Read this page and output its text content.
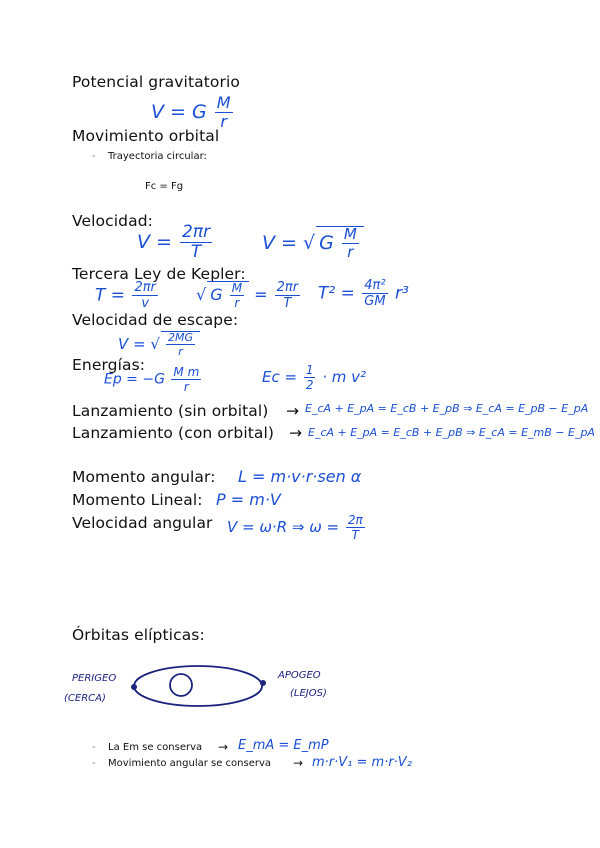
Potencial gravitatorio
Movimiento orbital
- Trayectoria circular:
Fc = Fg
Velocidad:
Tercera Ley de Kepler:
Velocidad de escape:
Energías:
Lanzamiento (sin orbital) →
Lanzamiento (con orbital) →
Momento angular:
Momento Lineal:
Velocidad angular
Órbitas elípticas:
- La Em se conserva →
- Movimiento angular se conserva →
V = G $\frac{M}{r}$
$V = \frac{2\pi r}{T}$	V = √ G $\frac{M}{r}$
$T = \frac{2\pi r}{v}$ √ G $\frac{M}{r} = \frac{2\pi r}{T} T^2 = \frac{\text{4π²}}{GM} r^3$
V = √ $\frac{2MG}{r}$
$Ep = -G \frac{\text{M m}}{r}$	$Ec = \frac{1}{2} \cdot m$ v²
E_cA + E_pA = E_cB + E_pB ⇒ E_cA = E_pB − E_pA
E_cA + E_pA = E_cB + E_pB ⇒ E_cA = E_mB − E_pA
L = m·v·r·sen α
P = m·V
V = ω·R ⇒ $\omega = \frac{2\pi}{T}$
PERIGEO
(CERCA)
APOGEO
(LEJOS)
E_mA = E_mP
m·r·V₁ = m·r·V₂
